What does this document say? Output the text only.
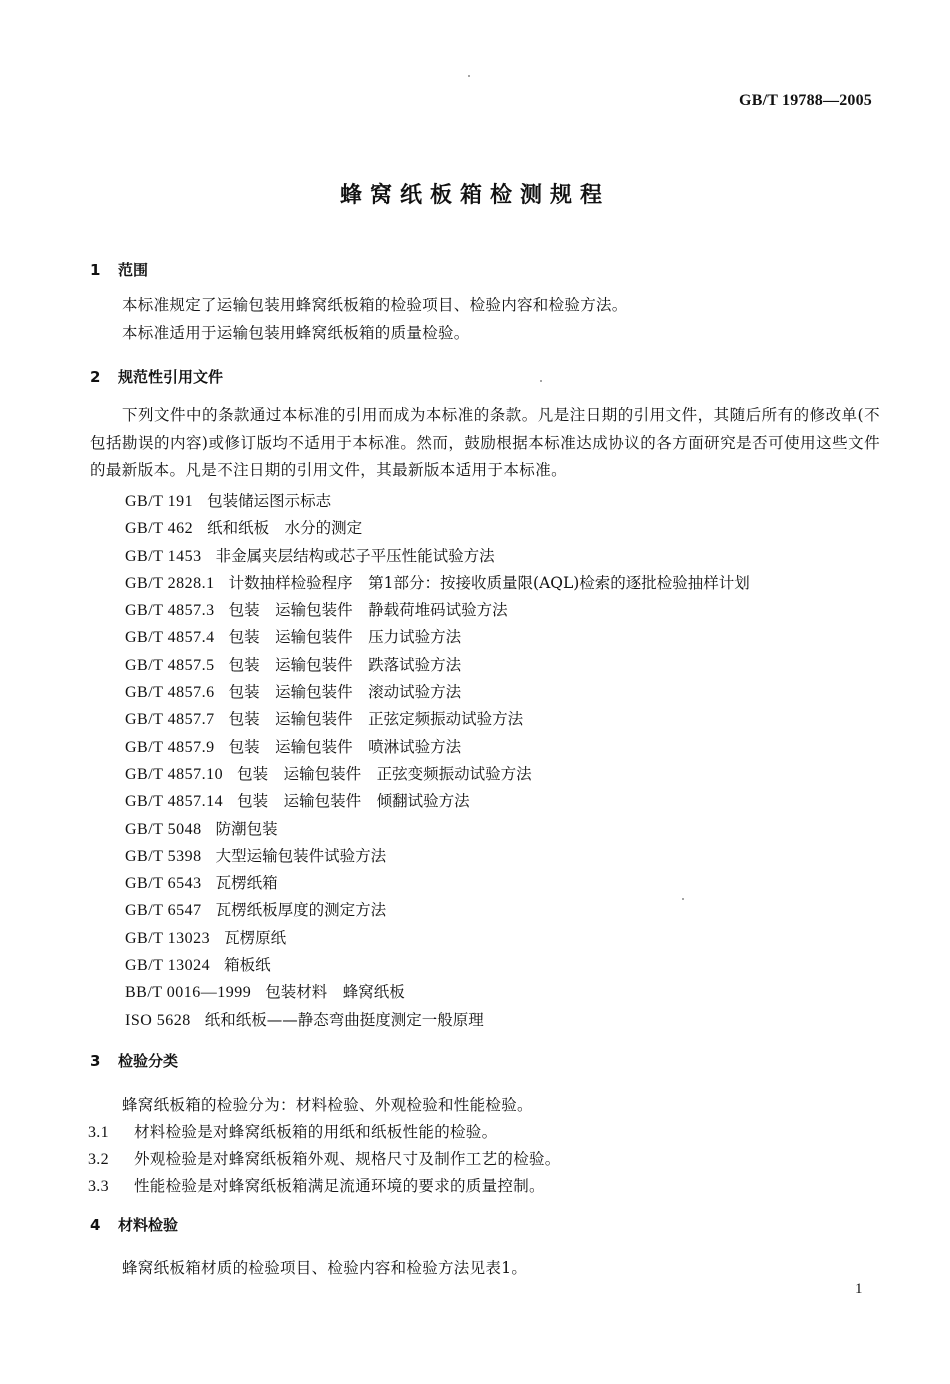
GB/T 19788—2005
蜂窝纸板箱检测规程
1 范围
本标准规定了运输包装用蜂窝纸板箱的检验项目、检验内容和检验方法。
本标准适用于运输包装用蜂窝纸板箱的质量检验。
2 规范性引用文件
下列文件中的条款通过本标准的引用而成为本标准的条款。凡是注日期的引用文件，其随后所有的修改单(不包括勘误的内容)或修订版均不适用于本标准。然而，鼓励根据本标准达成协议的各方面研究是否可使用这些文件的最新版本。凡是不注日期的引用文件，其最新版本适用于本标准。
GB/T 191 包装储运图示标志
GB/T 462 纸和纸板　水分的测定
GB/T 1453 非金属夹层结构或芯子平压性能试验方法
GB/T 2828.1 计数抽样检验程序　第1部分：按接收质量限(AQL)检索的逐批检验抽样计划
GB/T 4857.3 包装　运输包装件　静载荷堆码试验方法
GB/T 4857.4 包装　运输包装件　压力试验方法
GB/T 4857.5 包装　运输包装件　跌落试验方法
GB/T 4857.6 包装　运输包装件　滚动试验方法
GB/T 4857.7 包装　运输包装件　正弦定频振动试验方法
GB/T 4857.9 包装　运输包装件　喷淋试验方法
GB/T 4857.10 包装　运输包装件　正弦变频振动试验方法
GB/T 4857.14 包装　运输包装件　倾翻试验方法
GB/T 5048 防潮包装
GB/T 5398 大型运输包装件试验方法
GB/T 6543 瓦楞纸箱
GB/T 6547 瓦楞纸板厚度的测定方法
GB/T 13023 瓦楞原纸
GB/T 13024 箱板纸
BB/T 0016—1999 包装材料　蜂窝纸板
ISO 5628 纸和纸板——静态弯曲挺度测定一般原理
3 检验分类
蜂窝纸板箱的检验分为：材料检验、外观检验和性能检验。
3.1 材料检验是对蜂窝纸板箱的用纸和纸板性能的检验。
3.2 外观检验是对蜂窝纸板箱外观、规格尺寸及制作工艺的检验。
3.3 性能检验是对蜂窝纸板箱满足流通环境的要求的质量控制。
4 材料检验
蜂窝纸板箱材质的检验项目、检验内容和检验方法见表1。
1
